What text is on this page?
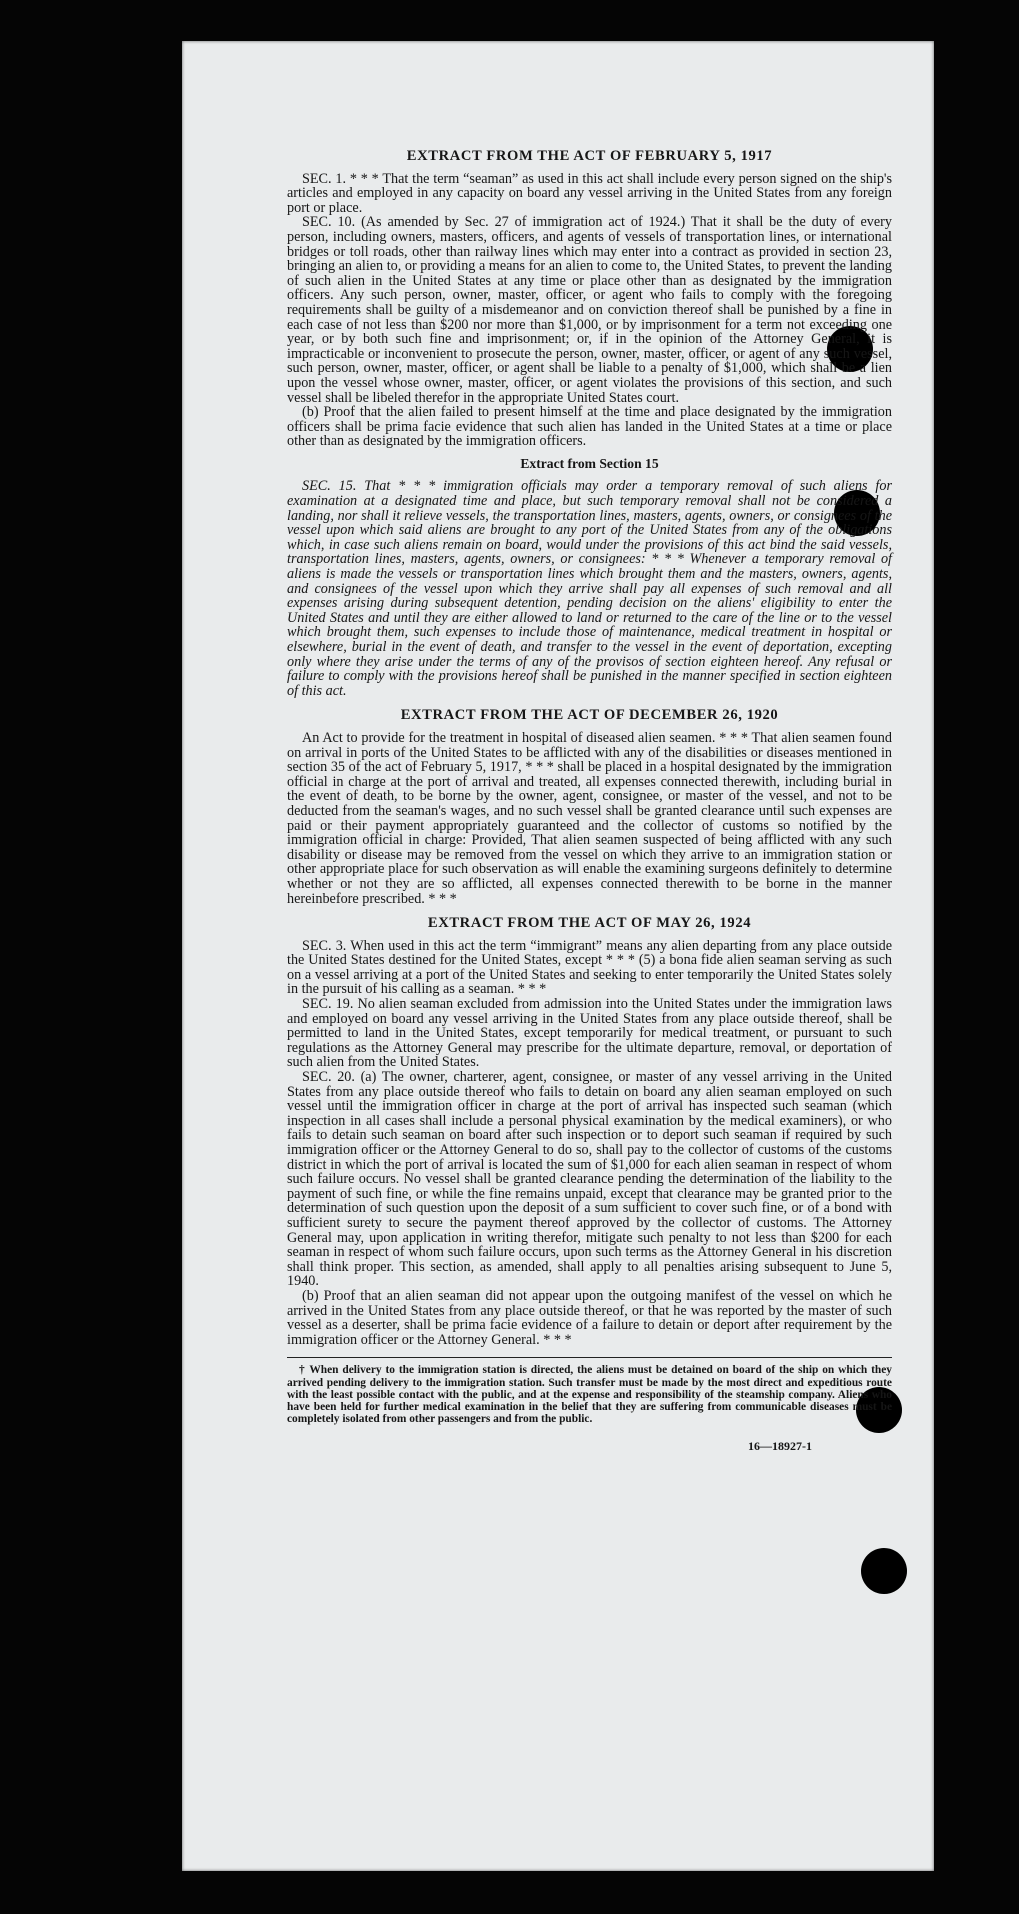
EXTRACT FROM THE ACT OF FEBRUARY 5, 1917

SEC. 1. * * * That the term “seaman” as used in this act shall include every person signed on the ship's articles and employed in any capacity on board any vessel arriving in the United States from any foreign port or place.

SEC. 10. (As amended by Sec. 27 of immigration act of 1924.) That it shall be the duty of every person, including owners, masters, officers, and agents of vessels of transportation lines, or international bridges or toll roads, other than railway lines which may enter into a contract as provided in section 23, bringing an alien to, or providing a means for an alien to come to, the United States, to prevent the landing of such alien in the United States at any time or place other than as designated by the immigration officers. Any such person, owner, master, officer, or agent who fails to comply with the foregoing requirements shall be guilty of a misdemeanor and on conviction thereof shall be punished by a fine in each case of not less than $200 nor more than $1,000, or by imprisonment for a term not exceeding one year, or by both such fine and imprisonment; or, if in the opinion of the Attorney General, it is impracticable or inconvenient to prosecute the person, owner, master, officer, or agent of any such vessel, such person, owner, master, officer, or agent shall be liable to a penalty of $1,000, which shall be a lien upon the vessel whose owner, master, officer, or agent violates the provisions of this section, and such vessel shall be libeled therefor in the appropriate United States court.

(b) Proof that the alien failed to present himself at the time and place designated by the immigration officers shall be prima facie evidence that such alien has landed in the United States at a time or place other than as designated by the immigration officers.

Extract from Section 15

SEC. 15. That * * * immigration officials may order a temporary removal of such aliens for examination at a designated time and place, but such temporary removal shall not be considered a landing, nor shall it relieve vessels, the transportation lines, masters, agents, owners, or consignees of the vessel upon which said aliens are brought to any port of the United States from any of the obligations which, in case such aliens remain on board, would under the provisions of this act bind the said vessels, transportation lines, masters, agents, owners, or consignees: * * * Whenever a temporary removal of aliens is made the vessels or transportation lines which brought them and the masters, owners, agents, and consignees of the vessel upon which they arrive shall pay all expenses of such removal and all expenses arising during subsequent detention, pending decision on the aliens' eligibility to enter the United States and until they are either allowed to land or returned to the care of the line or to the vessel which brought them, such expenses to include those of maintenance, medical treatment in hospital or elsewhere, burial in the event of death, and transfer to the vessel in the event of deportation, excepting only where they arise under the terms of any of the provisos of section eighteen hereof. Any refusal or failure to comply with the provisions hereof shall be punished in the manner specified in section eighteen of this act.

EXTRACT FROM THE ACT OF DECEMBER 26, 1920

An Act to provide for the treatment in hospital of diseased alien seamen. * * * That alien seamen found on arrival in ports of the United States to be afflicted with any of the disabilities or diseases mentioned in section 35 of the act of February 5, 1917, * * * shall be placed in a hospital designated by the immigration official in charge at the port of arrival and treated, all expenses connected therewith, including burial in the event of death, to be borne by the owner, agent, consignee, or master of the vessel, and not to be deducted from the seaman's wages, and no such vessel shall be granted clearance until such expenses are paid or their payment appropriately guaranteed and the collector of customs so notified by the immigration official in charge: Provided, That alien seamen suspected of being afflicted with any such disability or disease may be removed from the vessel on which they arrive to an immigration station or other appropriate place for such observation as will enable the examining surgeons definitely to determine whether or not they are so afflicted, all expenses connected therewith to be borne in the manner hereinbefore prescribed. * * *

EXTRACT FROM THE ACT OF MAY 26, 1924

SEC. 3. When used in this act the term “immigrant” means any alien departing from any place outside the United States destined for the United States, except * * * (5) a bona fide alien seaman serving as such on a vessel arriving at a port of the United States and seeking to enter temporarily the United States solely in the pursuit of his calling as a seaman. * * *

SEC. 19. No alien seaman excluded from admission into the United States under the immigration laws and employed on board any vessel arriving in the United States from any place outside thereof, shall be permitted to land in the United States, except temporarily for medical treatment, or pursuant to such regulations as the Attorney General may prescribe for the ultimate departure, removal, or deportation of such alien from the United States.

SEC. 20. (a) The owner, charterer, agent, consignee, or master of any vessel arriving in the United States from any place outside thereof who fails to detain on board any alien seaman employed on such vessel until the immigration officer in charge at the port of arrival has inspected such seaman (which inspection in all cases shall include a personal physical examination by the medical examiners), or who fails to detain such seaman on board after such inspection or to deport such seaman if required by such immigration officer or the Attorney General to do so, shall pay to the collector of customs of the customs district in which the port of arrival is located the sum of $1,000 for each alien seaman in respect of whom such failure occurs. No vessel shall be granted clearance pending the determination of the liability to the payment of such fine, or while the fine remains unpaid, except that clearance may be granted prior to the determination of such question upon the deposit of a sum sufficient to cover such fine, or of a bond with sufficient surety to secure the payment thereof approved by the collector of customs. The Attorney General may, upon application in writing therefor, mitigate such penalty to not less than $200 for each seaman in respect of whom such failure occurs, upon such terms as the Attorney General in his discretion shall think proper. This section, as amended, shall apply to all penalties arising subsequent to June 5, 1940.

(b) Proof that an alien seaman did not appear upon the outgoing manifest of the vessel on which he arrived in the United States from any place outside thereof, or that he was reported by the master of such vessel as a deserter, shall be prima facie evidence of a failure to detain or deport after requirement by the immigration officer or the Attorney General. * * *

† When delivery to the immigration station is directed, the aliens must be detained on board of the ship on which they arrived pending delivery to the immigration station. Such transfer must be made by the most direct and expeditious route with the least possible contact with the public, and at the expense and responsibility of the steamship company. Aliens who have been held for further medical examination in the belief that they are suffering from communicable diseases must be completely isolated from other passengers and from the public.

16—18927-1
